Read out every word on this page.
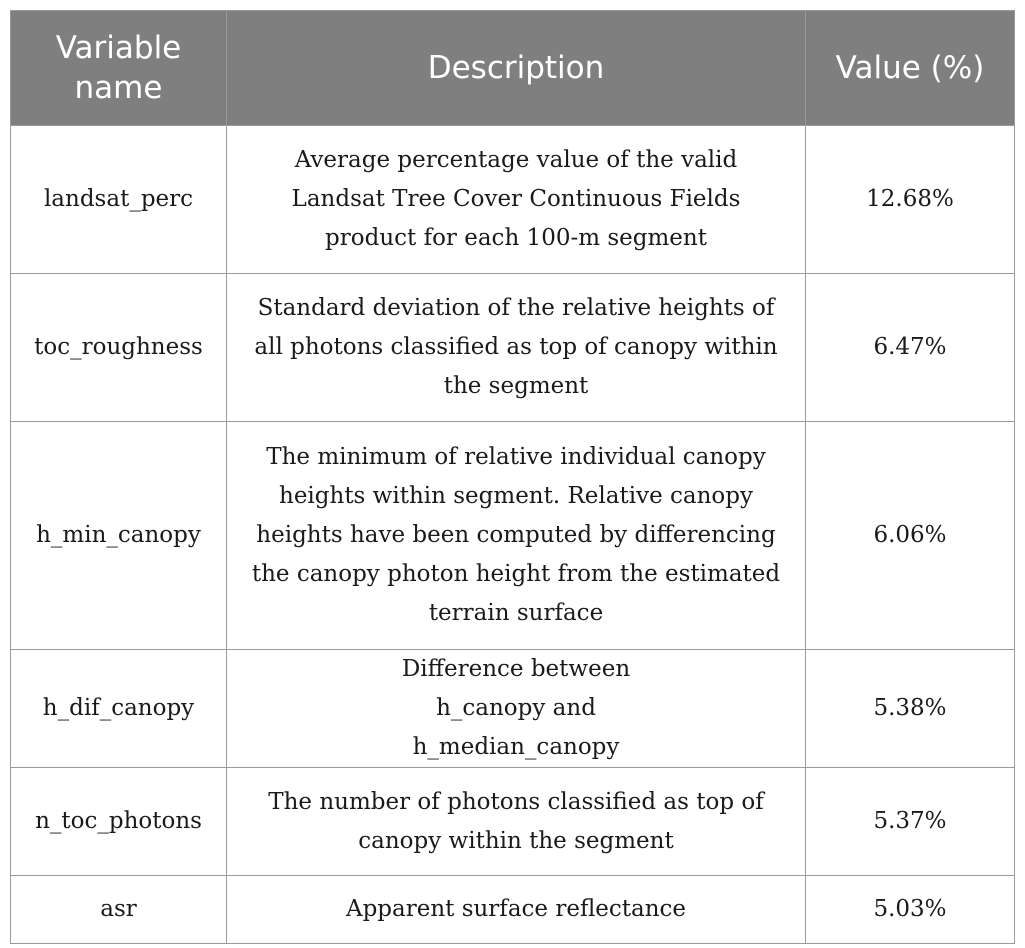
Variable name	Description	Value (%)
landsat_perc	Average percentage value of the valid Landsat Tree Cover Continuous Fields product for each 100-m segment	12.68%
toc_roughness	Standard deviation of the relative heights of all photons classified as top of canopy within the segment	6.47%
h_min_canopy	The minimum of relative individual canopy heights within segment. Relative canopy heights have been computed by differencing the canopy photon height from the estimated terrain surface	6.06%
h_dif_canopy	Difference between h_canopy and h_median_canopy	5.38%
n_toc_photons	The number of photons classified as top of canopy within the segment	5.37%
asr	Apparent surface reflectance	5.03%
